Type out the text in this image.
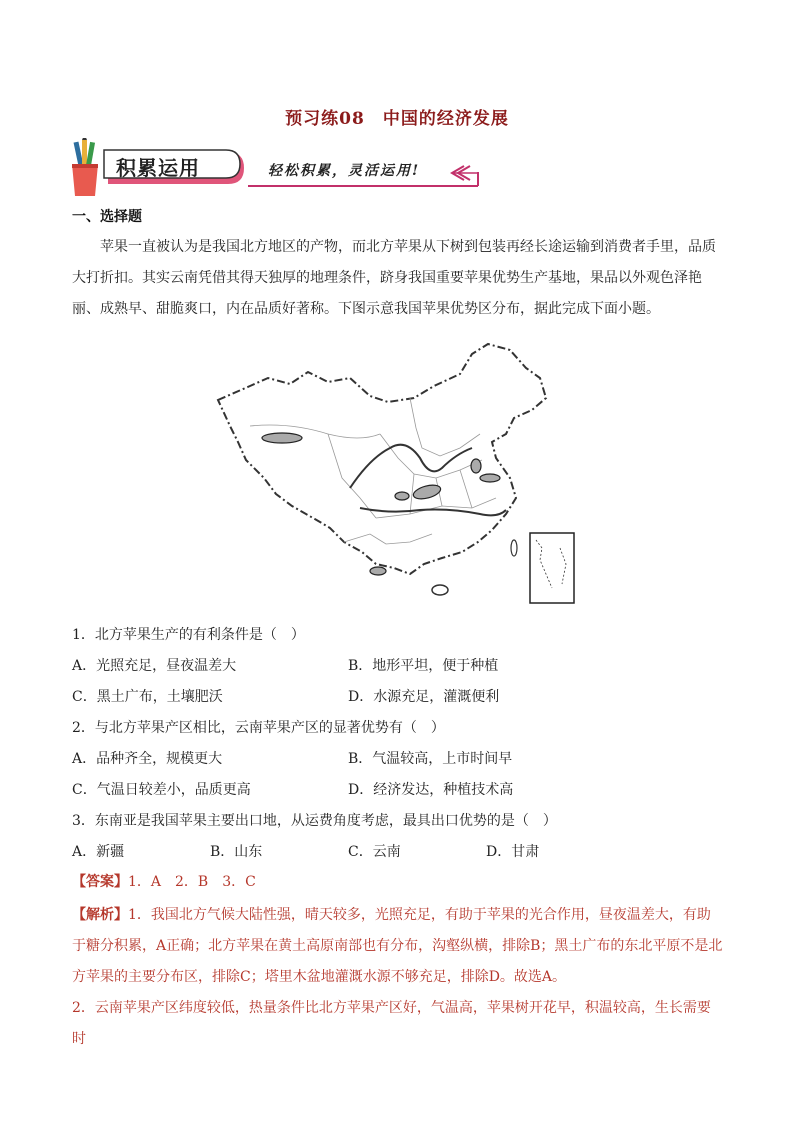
预习练08　中国的经济发展
积累运用	轻松积累，灵活运用!
一、选择题
苹果一直被认为是我国北方地区的产物，而北方苹果从下树到包装再经长途运输到消费者手里，品质大打折扣。其实云南凭借其得天独厚的地理条件，跻身我国重要苹果优势生产基地，果品以外观色泽艳丽、成熟早、甜脆爽口，内在品质好著称。下图示意我国苹果优势区分布，据此完成下面小题。
1．北方苹果生产的有利条件是（　）
A．光照充足，昼夜温差大	B．地形平坦，便于种植
C．黑土广布，土壤肥沃	D．水源充足，灌溉便利
2．与北方苹果产区相比，云南苹果产区的显著优势有（　）
A．品种齐全，规模更大	B．气温较高，上市时间早
C．气温日较差小，品质更高	D．经济发达，种植技术高
3．东南亚是我国苹果主要出口地，从运费角度考虑，最具出口优势的是（　）
A．新疆	B．山东	C．云南	D．甘肃
【答案】1．A　2．B　3．C
【解析】1．我国北方气候大陆性强，晴天较多，光照充足，有助于苹果的光合作用，昼夜温差大，有助于糖分积累，A正确；北方苹果在黄土高原南部也有分布，沟壑纵横，排除B；黑土广布的东北平原不是北方苹果的主要分布区，排除C；塔里木盆地灌溉水源不够充足，排除D。故选A。
2．云南苹果产区纬度较低，热量条件比北方苹果产区好，气温高，苹果树开花早，积温较高，生长需要时
